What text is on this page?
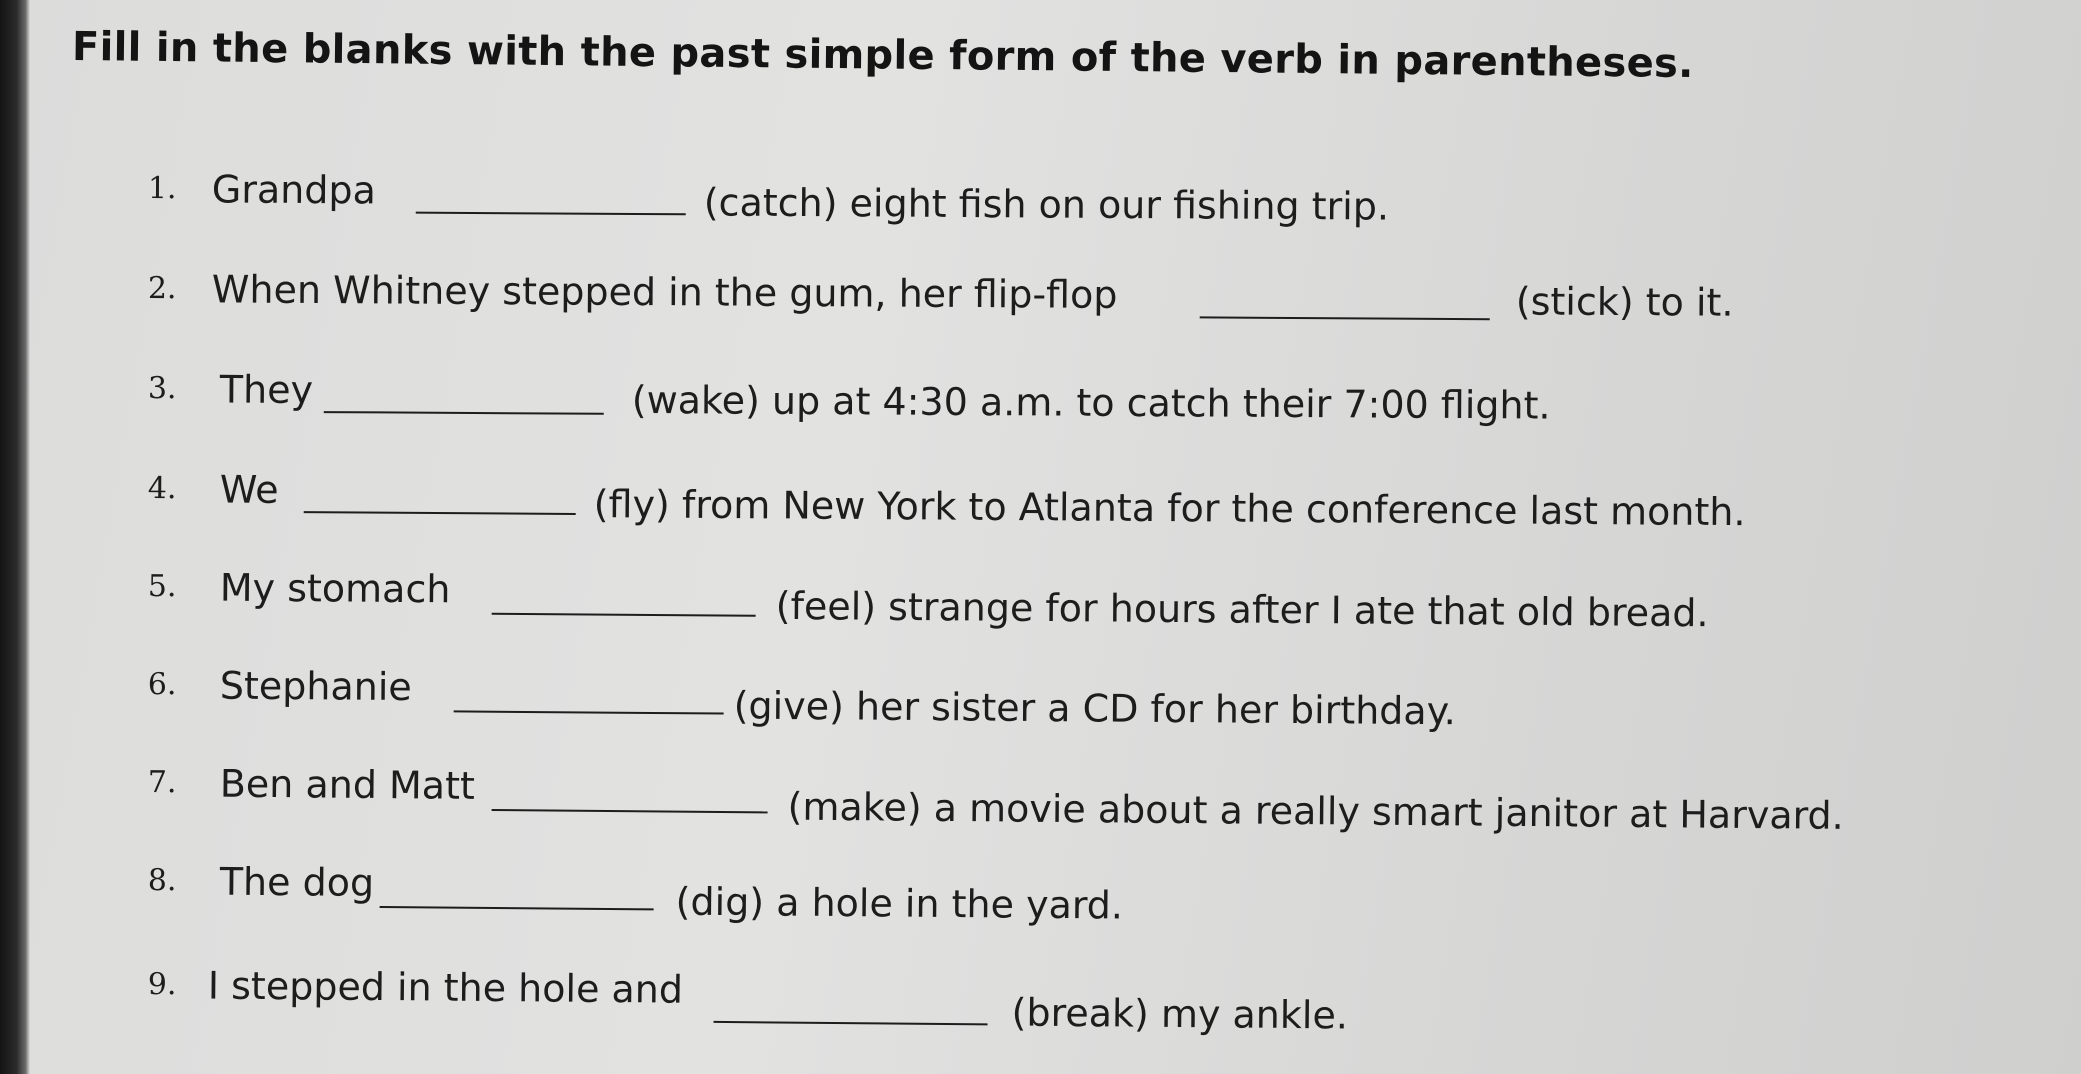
Fill in the blanks with the past simple form of the verb in parentheses.
1. Grandpa	(catch) eight fish on our fishing trip.
2. When Whitney stepped in the gum, her flip-flop	(stick) to it.
3. They	(wake) up at 4:30 a.m. to catch their 7:00 flight.
4. We	(fly) from New York to Atlanta for the conference last month.
5. My stomach	(feel) strange for hours after I ate that old bread.
6. Stephanie	(give) her sister a CD for her birthday.
7. Ben and Matt	(make) a movie about a really smart janitor at Harvard.
8. The dog	(dig) a hole in the yard.
9. I stepped in the hole and
(break) my ankle.
